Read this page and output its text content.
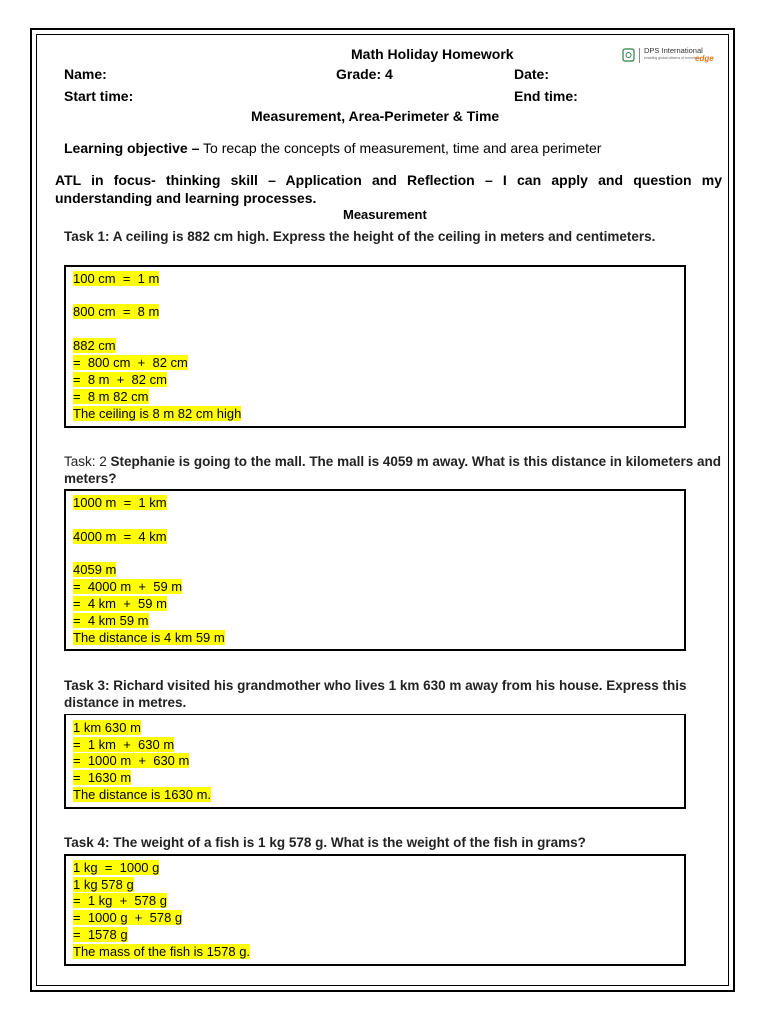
Math Holiday Homework	DPS International
enabling global citizens of tomorrow
edge
Name:	Grade: 4	Date:
Start time:	End time:
Measurement, Area-Perimeter & Time
Learning objective – To recap the concepts of measurement, time and area perimeter
ATL in focus- thinking skill – Application and Reflection – I can apply and question my understanding and learning processes.
Measurement
Task 1: A ceiling is 882 cm high. Express the height of the ceiling in meters and centimeters.
100 cm  =  1 m
800 cm  =  8 m
882 cm
=  800 cm  +  82 cm
=  8 m  +  82 cm
=  8 m 82 cm
The ceiling is 8 m 82 cm high
Task: 2 Stephanie is going to the mall. The mall is 4059 m away. What is this distance in kilometers and meters?
1000 m  =  1 km
4000 m  =  4 km
4059 m
=  4000 m  +  59 m
=  4 km  +  59 m
=  4 km 59 m
The distance is 4 km 59 m
Task 3: Richard visited his grandmother who lives 1 km 630 m away from his house. Express this distance in metres.
1 km 630 m
=  1 km  +  630 m
=  1000 m  +  630 m
=  1630 m
The distance is 1630 m.
Task 4: The weight of a fish is 1 kg 578 g. What is the weight of the fish in grams?
1 kg  =  1000 g
1 kg 578 g
=  1 kg  +  578 g
=  1000 g  +  578 g
=  1578 g
The mass of the fish is 1578 g.
